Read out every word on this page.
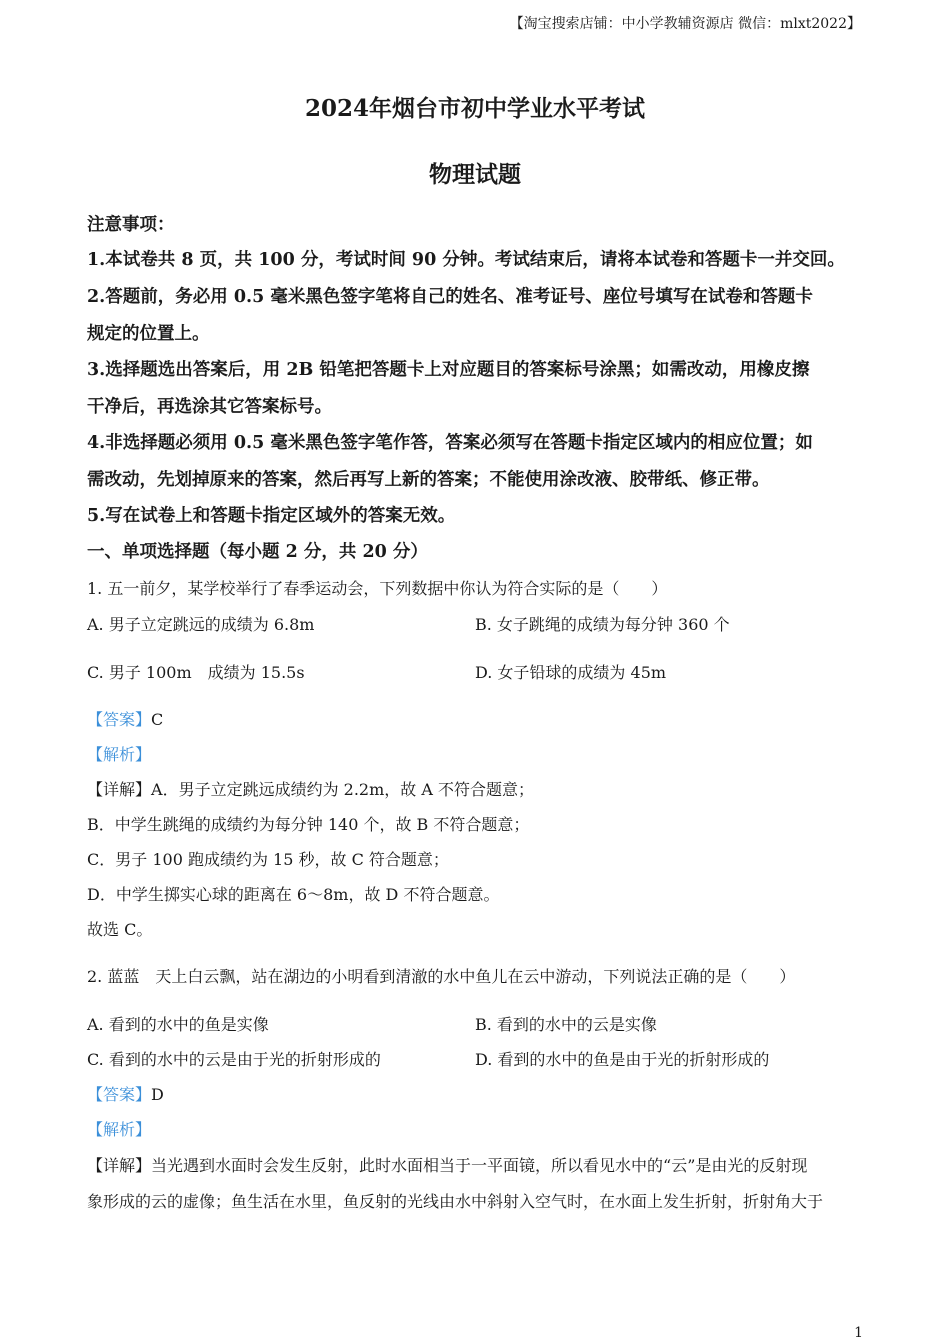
【淘宝搜索店铺：中小学教辅资源店 微信：mlxt2022】
2024年烟台市初中学业水平考试
物理试题
注意事项：
1.本试卷共 8 页，共 100 分，考试时间 90 分钟。考试结束后，请将本试卷和答题卡一并交回。
2.答题前，务必用 0.5 毫米黑色签字笔将自己的姓名、准考证号、座位号填写在试卷和答题卡
规定的位置上。
3.选择题选出答案后，用 2B 铅笔把答题卡上对应题目的答案标号涂黑；如需改动，用橡皮擦
干净后，再选涂其它答案标号。
4.非选择题必须用 0.5 毫米黑色签字笔作答，答案必须写在答题卡指定区域内的相应位置；如
需改动，先划掉原来的答案，然后再写上新的答案；不能使用涂改液、胶带纸、修正带。
5.写在试卷上和答题卡指定区域外的答案无效。
一、单项选择题（每小题 2 分，共 20 分）
1. 五一前夕，某学校举行了春季运动会，下列数据中你认为符合实际的是（　　）
A. 男子立定跳远的成绩为 6.8m	B. 女子跳绳的成绩为每分钟 360 个
C. 男子 100m　成绩为 15.5s	D. 女子铅球的成绩为 45m
【答案】C
【解析】
【详解】A．男子立定跳远成绩约为 2.2m，故 A 不符合题意；
B．中学生跳绳的成绩约为每分钟 140 个，故 B 不符合题意；
C．男子 100 跑成绩约为 15 秒，故 C 符合题意；
D．中学生掷实心球的距离在 6～8m，故 D 不符合题意。
故选 C。
2. 蓝蓝　天上白云飘，站在湖边的小明看到清澈的水中鱼儿在云中游动，下列说法正确的是（　　）
A. 看到的水中的鱼是实像	B. 看到的水中的云是实像
C. 看到的水中的云是由于光的折射形成的	D. 看到的水中的鱼是由于光的折射形成的
【答案】D
【解析】
【详解】当光遇到水面时会发生反射，此时水面相当于一平面镜，所以看见水中的“云”是由光的反射现
象形成的云的虚像；鱼生活在水里，鱼反射的光线由水中斜射入空气时，在水面上发生折射，折射角大于
1
